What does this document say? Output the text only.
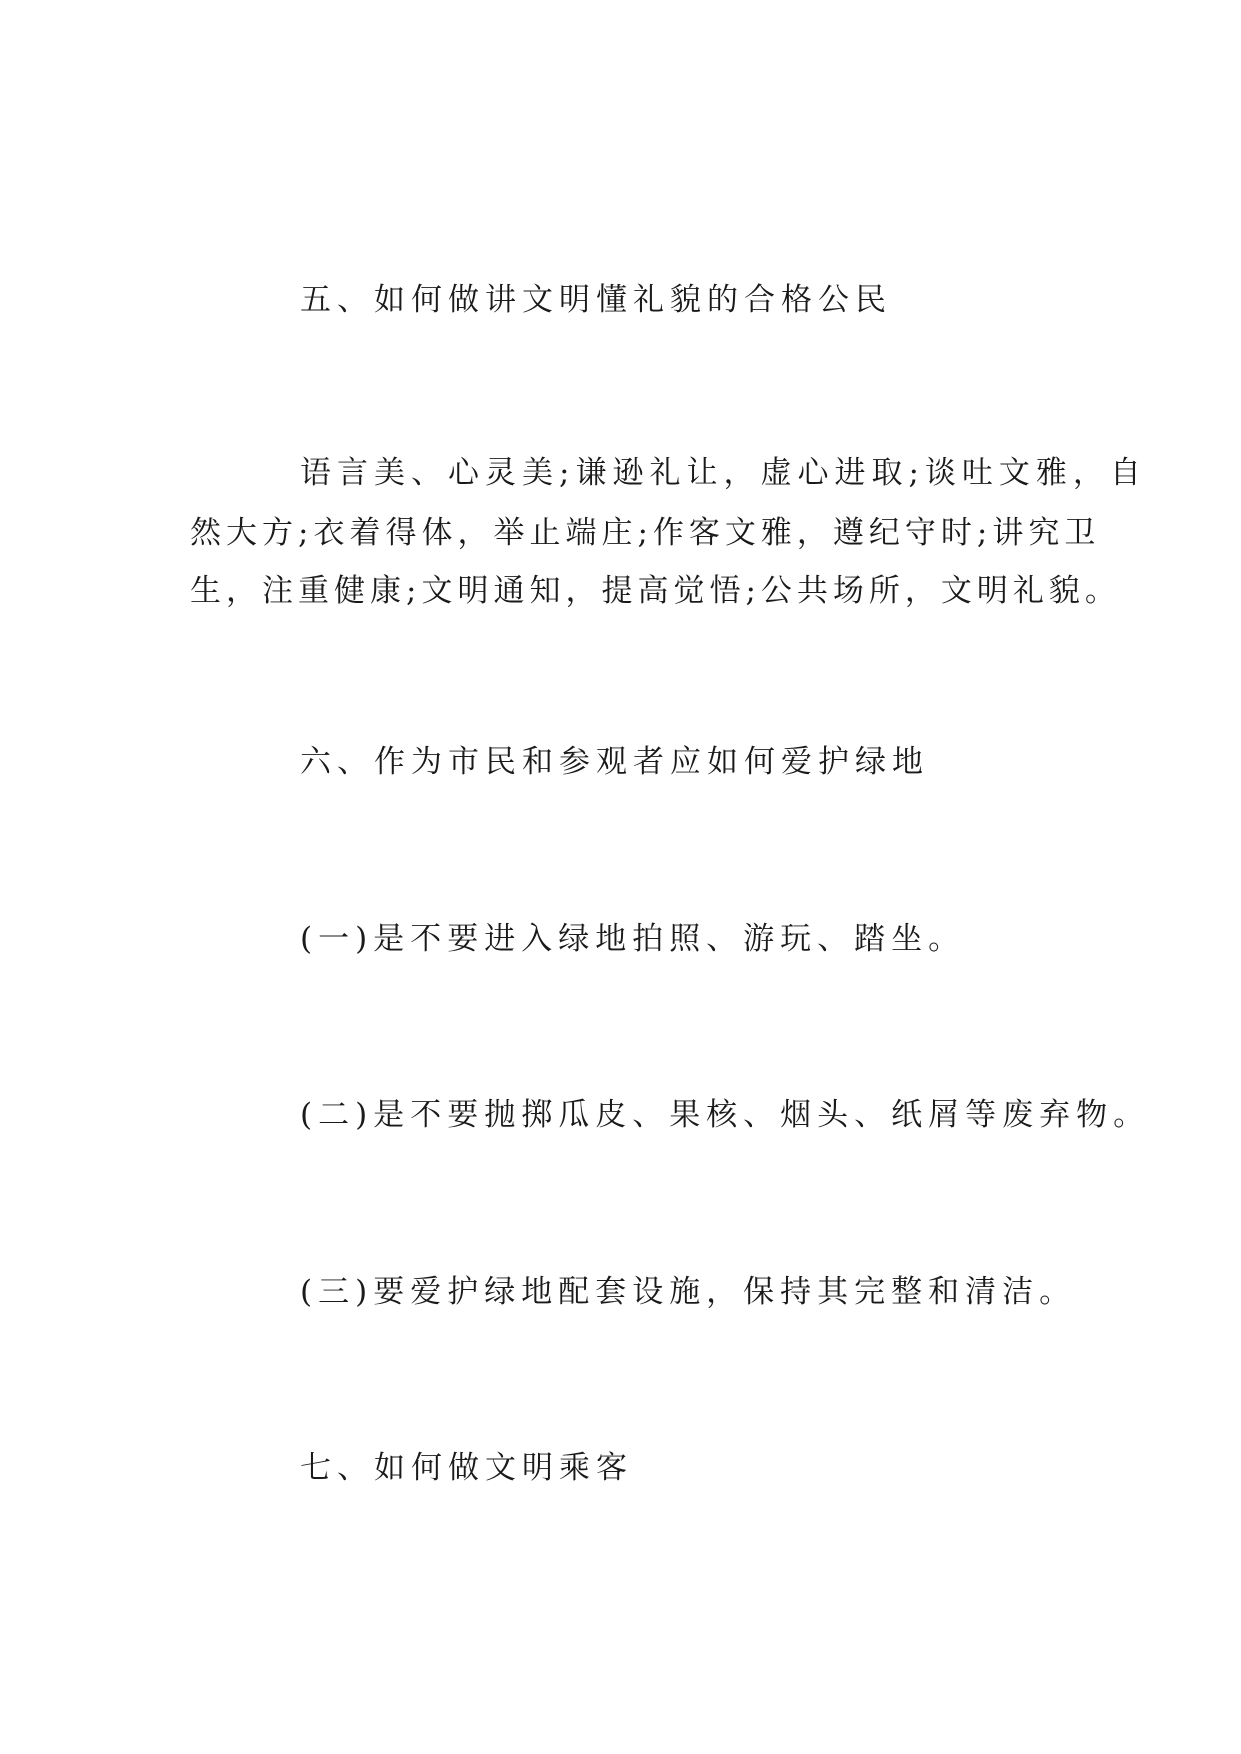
五、如何做讲文明懂礼貌的合格公民
语言美、心灵美;谦逊礼让，虚心进取;谈吐文雅，自
然大方;衣着得体，举止端庄;作客文雅，遵纪守时;讲究卫
生，注重健康;文明通知，提高觉悟;公共场所，文明礼貌。
六、作为市民和参观者应如何爱护绿地
(一)是不要进入绿地拍照、游玩、踏坐。
(二)是不要抛掷瓜皮、果核、烟头、纸屑等废弃物。
(三)要爱护绿地配套设施，保持其完整和清洁。
七、如何做文明乘客
